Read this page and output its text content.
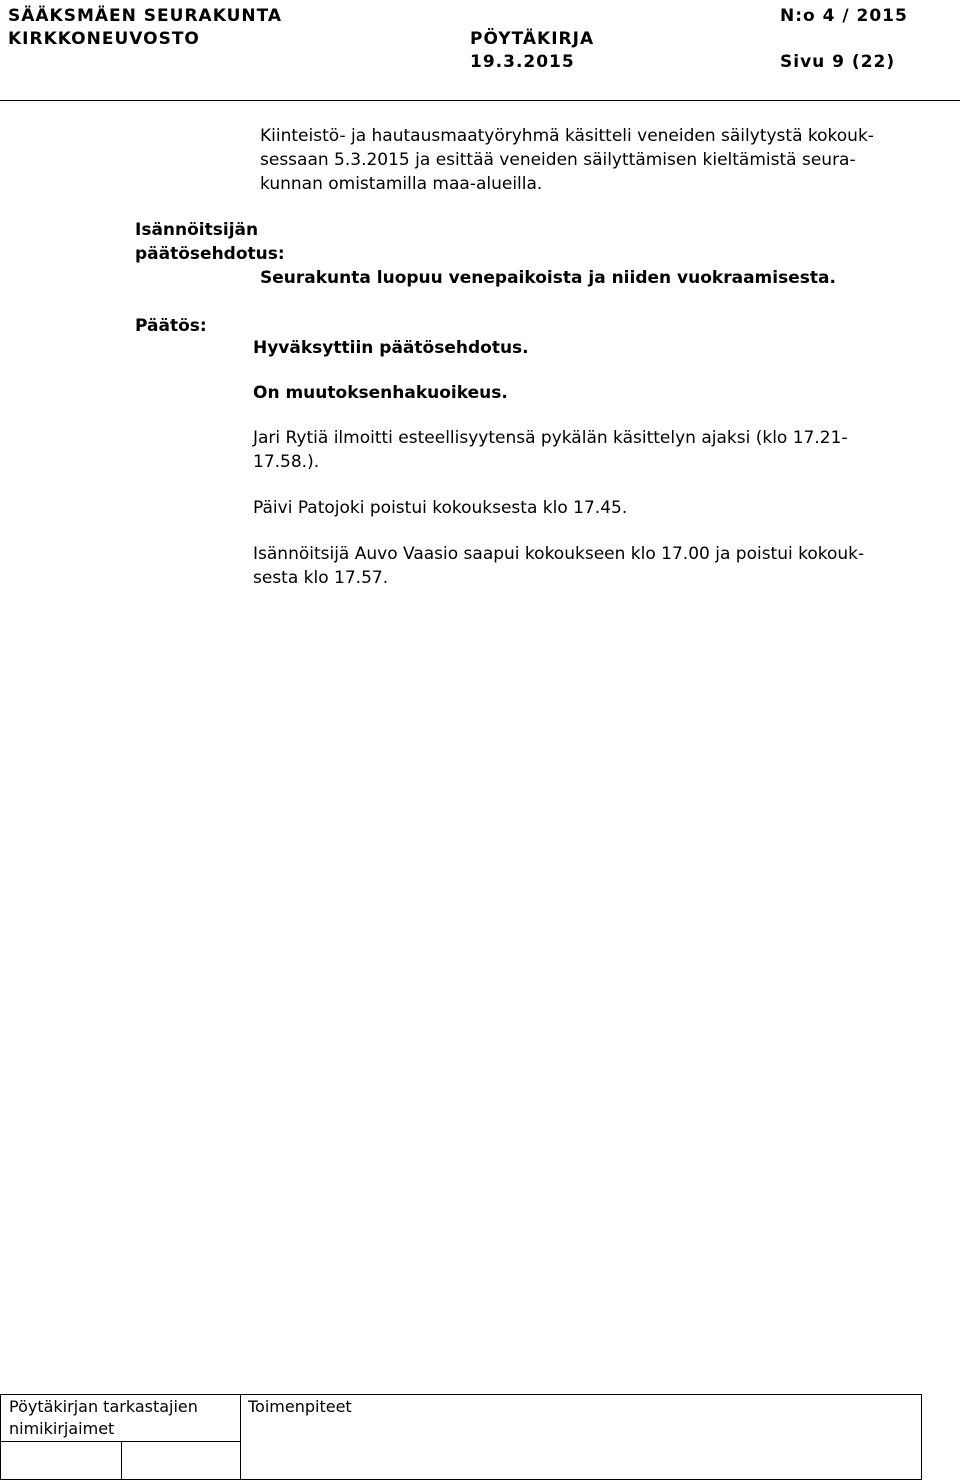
SÄÄKSMÄEN SEURAKUNTA
KIRKKONEUVOSTO	PÖYTÄKIRJA
19.3.2015
N:o 4 / 2015
Sivu 9 (22)
Kiinteistö- ja hautausmaatyöryhmä käsitteli veneiden säilytystä kokouk-
sessaan 5.3.2015 ja esittää veneiden säilyttämisen kieltämistä seura-
kunnan omistamilla maa-alueilla.
Isännöitsijän
päätösehdotus:
Seurakunta luopuu venepaikoista ja niiden vuokraamisesta.
Päätös:
Hyväksyttiin päätösehdotus.
On muutoksenhakuoikeus.
Jari Rytiä ilmoitti esteellisyytensä pykälän käsittelyn ajaksi (klo 17.21-
17.58.).
Päivi Patojoki poistui kokouksesta klo 17.45.
Isännöitsijä Auvo Vaasio saapui kokoukseen klo 17.00 ja poistui kokouk-
sesta klo 17.57.
Pöytäkirjan tarkastajien
nimikirjaimet
Toimenpiteet
